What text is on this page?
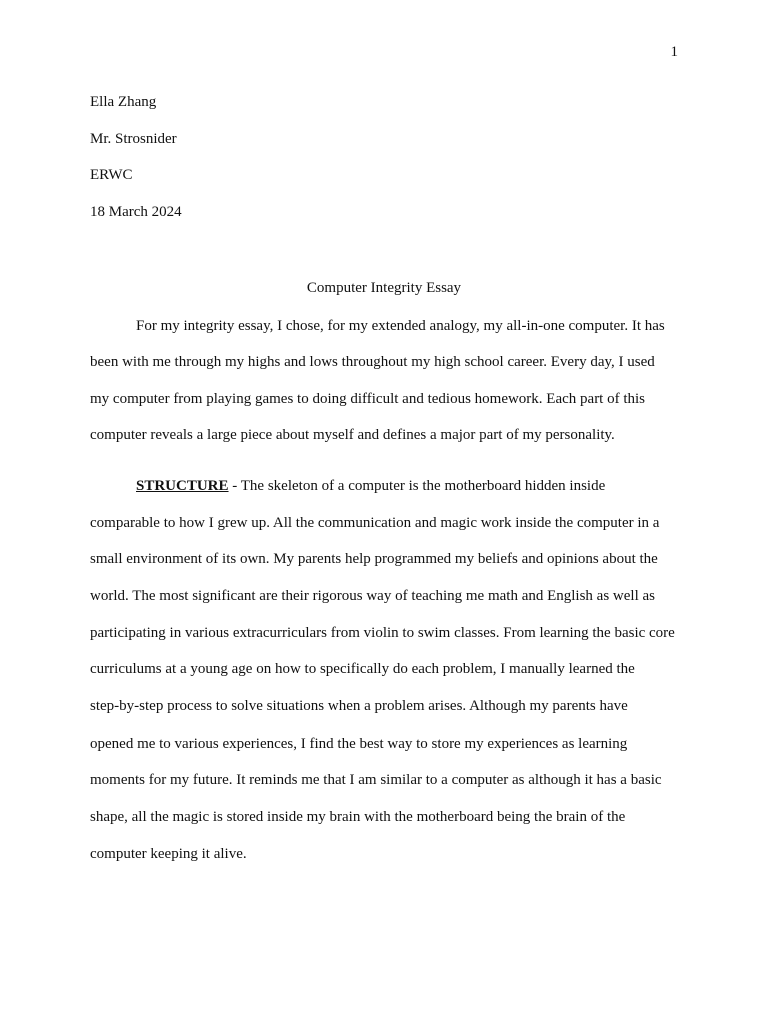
1
Ella Zhang
Mr. Strosnider
ERWC
18 March 2024
Computer Integrity Essay
For my integrity essay, I chose, for my extended analogy, my all-in-one computer. It has
been with me through my highs and lows throughout my high school career. Every day, I used
my computer from playing games to doing difficult and tedious homework. Each part of this
computer reveals a large piece about myself and defines a major part of my personality.
STRUCTURE - The skeleton of a computer is the motherboard hidden inside
comparable to how I grew up. All the communication and magic work inside the computer in a
small environment of its own. My parents help programmed my beliefs and opinions about the
world. The most significant are their rigorous way of teaching me math and English as well as
participating in various extracurriculars from violin to swim classes. From learning the basic core
curriculums at a young age on how to specifically do each problem, I manually learned the
step-by-step process to solve situations when a problem arises. Although my parents have
opened me to various experiences, I find the best way to store my experiences as learning
moments for my future. It reminds me that I am similar to a computer as although it has a basic
shape, all the magic is stored inside my brain with the motherboard being the brain of the
computer keeping it alive.
